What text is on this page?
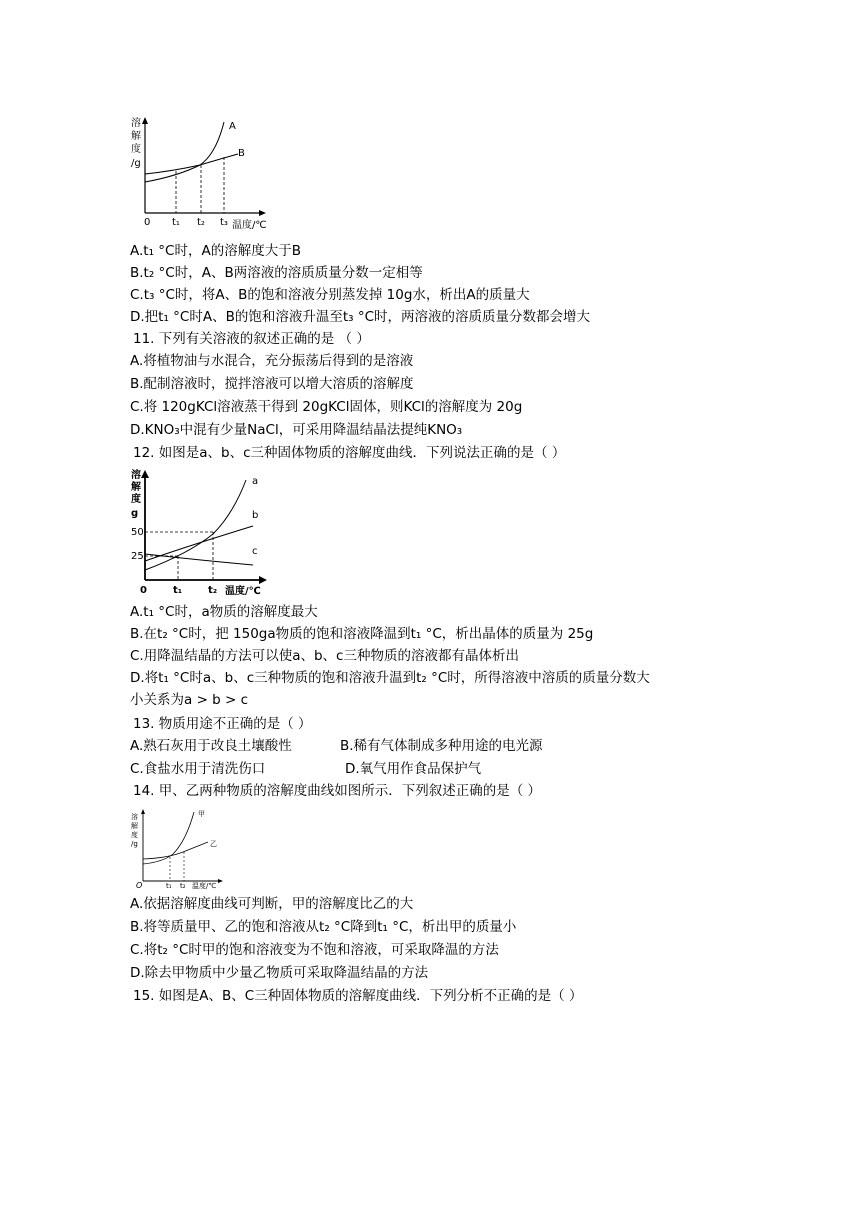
溶
解
度
/g
0 t₁ t₂ t₃ 温度/℃
A
B
A.t₁ °C时，A的溶解度大于B
B.t₂ °C时，A、B两溶液的溶质质量分数一定相等
C.t₃ °C时，将A、B的饱和溶液分别蒸发掉 10g水，析出A的质量大
D.把t₁ °C时A、B的饱和溶液升温至t₃ °C时，两溶液的溶质质量分数都会增大
11. 下列有关溶液的叙述正确的是 （ ）
A.将植物油与水混合，充分振荡后得到的是溶液
B.配制溶液时，搅拌溶液可以增大溶质的溶解度
C.将 120gKCl溶液蒸干得到 20gKCl固体，则KCl的溶解度为 20g
D.KNO₃中混有少量NaCl，可采用降温结晶法提纯KNO₃
12. 如图是a、b、c三种固体物质的溶解度曲线．下列说法正确的是（ ）
溶
解
度
g
50
25
0	t₁	t₂ 温度/℃
a
b
c
A.t₁ °C时，a物质的溶解度最大
B.在t₂ °C时，把 150ga物质的饱和溶液降温到t₁ °C，析出晶体的质量为 25g
C.用降温结晶的方法可以使a、b、c三种物质的溶液都有晶体析出
D.将t₁ °C时a、b、c三种物质的饱和溶液升温到t₂ °C时，所得溶液中溶质的质量分数大
小关系为a > b > c
13. 物质用途不正确的是（ ）
A.熟石灰用于改良土壤酸性	B.稀有气体制成多种用途的电光源
C.食盐水用于清洗伤口	D.氧气用作食品保护气
14. 甲、乙两种物质的溶解度曲线如图所示．下列叙述正确的是（ ）
溶
解
度
/g
O	t₁ t₂ 温度/℃
甲
乙
A.依据溶解度曲线可判断，甲的溶解度比乙的大
B.将等质量甲、乙的饱和溶液从t₂ °C降到t₁ °C，析出甲的质量小
C.将t₂ °C时甲的饱和溶液变为不饱和溶液，可采取降温的方法
D.除去甲物质中少量乙物质可采取降温结晶的方法
15. 如图是A、B、C三种固体物质的溶解度曲线．下列分析不正确的是（ ）
